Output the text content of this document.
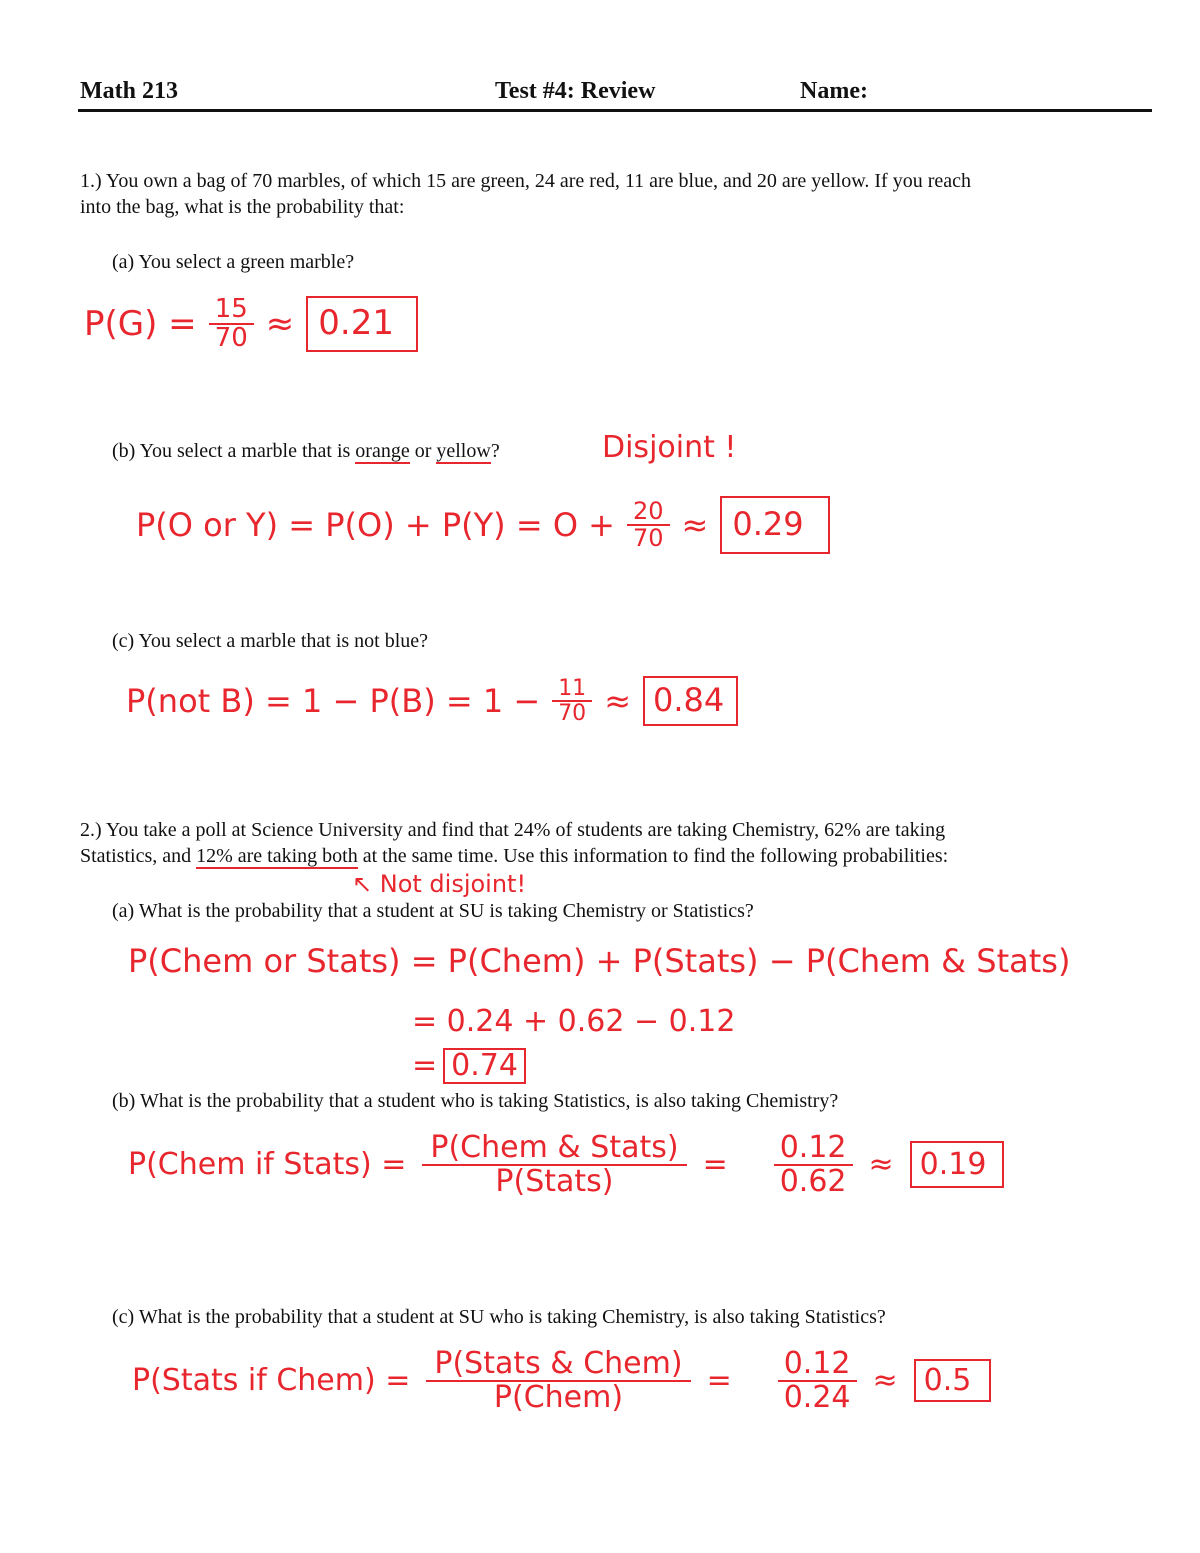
Math 213	Test #4: Review	Name:
1.) You own a bag of 70 marbles, of which 15 are green, 24 are red, 11 are blue, and 20 are yellow. If you reach
into the bag, what is the probability that:
(a) You select a green marble?
$P(G) = \frac{15}{70} \approx 0.21$
(b) You select a marble that is orange or yellow?	Disjoint !
P(O or $Y) = P(O) + P(Y) = O + \frac{20}{70} \approx 0.29$
(c) You select a marble that is not blue?
P(not $B) = 1 - P(B) = 1 - \frac{11}{70} \approx 0.84$
2.) You take a poll at Science University and find that 24% of students are taking Chemistry, 62% are taking
Statistics, and 12% are taking both at the same time. Use this information to find the following probabilities:
↖ Not disjoint!
(a) What is the probability that a student at SU is taking Chemistry or Statistics?
P(Chem or Stats) = P(Chem) + P(Stats) − P(Chem & Stats)
= 0.24 + 0.62 − 0.12
= 0.74
(b) What is the probability that a student who is taking Statistics, is also taking Chemistry?
P(Chem if Stats) = $\frac{\text{P(Chem \& Stats)}}{\text{P(Stats)}} = \frac{0.12}{0.62} \approx 0.19$
(c) What is the probability that a student at SU who is taking Chemistry, is also taking Statistics?
P(Stats if Chem) = $\frac{\text{P(Stats \& Chem)}}{\text{P(Chem)}} = \frac{0.12}{0.24} \approx 0.5$
